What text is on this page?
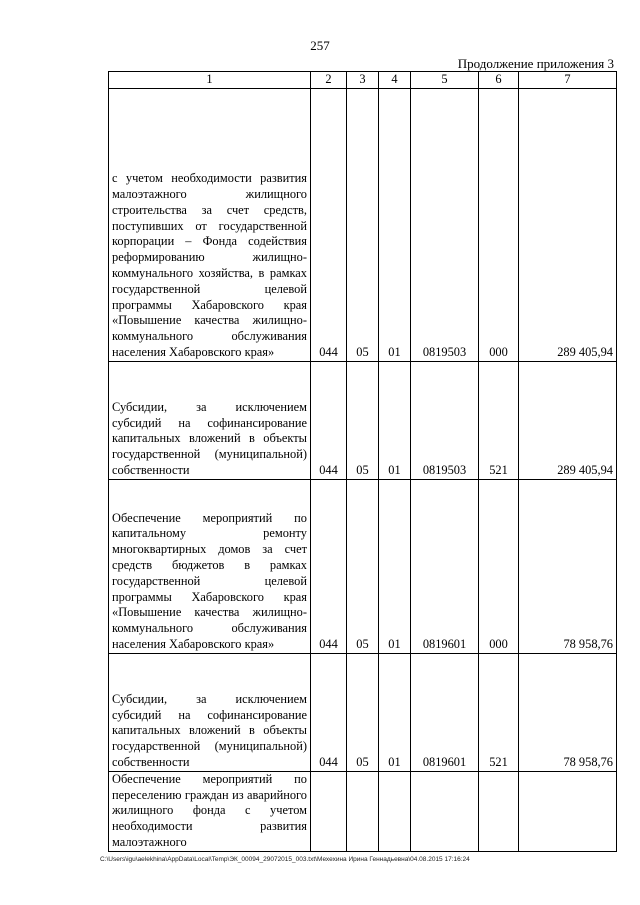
257
Продолжение приложения 3
1	2	3	4	5	6	7
с учетом необходимости развития малоэтажного жилищного строительства за счет средств, поступивших от государственной корпорации – Фонда содействия реформированию жилищно-коммунального хозяйства, в рамках государственной целевой программы Хабаровского края «Повышение качества жилищно-коммунального обслуживания населения Хабаровского края»	044	05	01	0819503	000	289 405,94
Субсидии, за исключением субсидий на софинансирование капитальных вложений в объекты государственной (муниципальной) собственности	044	05	01	0819503	521	289 405,94
Обеспечение мероприятий по капитальному ремонту многоквартирных домов за счет средств бюджетов в рамках государственной целевой программы Хабаровского края «Повышение качества жилищно-коммунального обслуживания населения Хабаровского края»	044	05	01	0819601	000	78 958,76
Субсидии, за исключением субсидий на софинансирование капитальных вложений в объекты государственной (муниципальной) собственности	044	05	01	0819601	521	78 958,76
Обеспечение мероприятий по переселению граждан из аварийного жилищного фонда с учетом необходимости развития малоэтажного						
C:\Users\igu\aelekhina\AppData\Local\Temp\ЭК_00094_29072015_003.txt\Мехехина Ирина Геннадьевна\04.08.2015 17:16:24
